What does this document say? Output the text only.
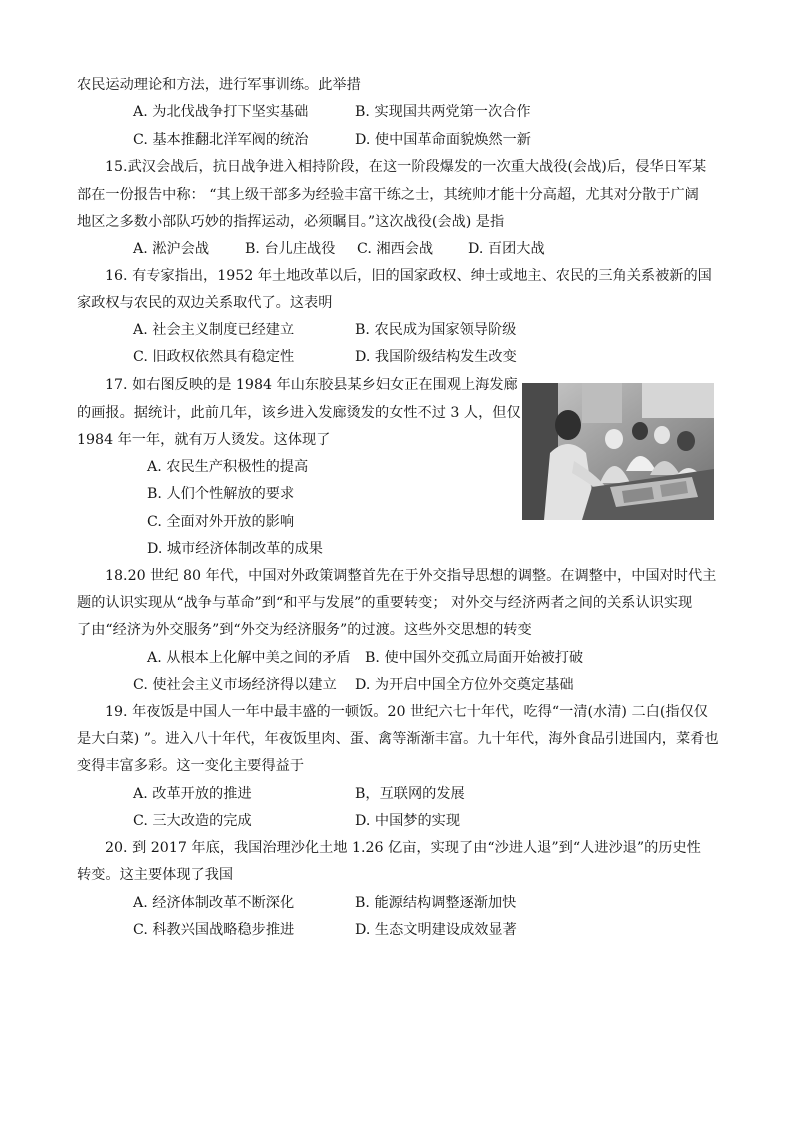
农民运动理论和方法，进行军事训练。此举措
A. 为北伐战争打下坚实基础	B. 实现国共两党第一次合作
C. 基本推翻北洋军阀的统治	D. 使中国革命面貌焕然一新
15.武汉会战后，抗日战争进入相持阶段，在这一阶段爆发的一次重大战役(会战)后，侵华日军某
部在一份报告中称： “其上级干部多为经验丰富干练之士，其统帅才能十分高超，尤其对分散于广阔
地区之多数小部队巧妙的指挥运动，必须瞩目。”这次战役(会战) 是指
A. 淞沪会战	B. 台儿庄战役 C. 湘西会战 D. 百团大战
16. 有专家指出，1952 年土地改革以后，旧的国家政权、绅士或地主、农民的三角关系被新的国
家政权与农民的双边关系取代了。这表明
A. 社会主义制度已经建立	B. 农民成为国家领导阶级
C. 旧政权依然具有稳定性	D. 我国阶级结构发生改变
17. 如右图反映的是 1984 年山东胶县某乡妇女正在围观上海发廊
的画报。据统计，此前几年，该乡进入发廊烫发的女性不过 3 人，但仅
1984 年一年，就有万人烫发。这体现了
A. 农民生产积极性的提高
B. 人们个性解放的要求
C. 全面对外开放的影响
D. 城市经济体制改革的成果
18.20 世纪 80 年代，中国对外政策调整首先在于外交指导思想的调整。在调整中，中国对时代主
题的认识实现从“战争与革命”到“和平与发展”的重要转变； 对外交与经济两者之间的关系认识实现
了由“经济为外交服务”到“外交为经济服务”的过渡。这些外交思想的转变
A. 从根本上化解中美之间的矛盾 B. 使中国外交孤立局面开始被打破
C. 使社会主义市场经济得以建立 D. 为开启中国全方位外交奠定基础
19. 年夜饭是中国人一年中最丰盛的一顿饭。20 世纪六七十年代，吃得“一清(水清) 二白(指仅仅
是大白菜) ”。进入八十年代，年夜饭里肉、蛋、禽等渐渐丰富。九十年代，海外食品引进国内，菜肴也
变得丰富多彩。这一变化主要得益于
A. 改革开放的推进	B，互联网的发展
C. 三大改造的完成	D. 中国梦的实现
20. 到 2017 年底，我国治理沙化土地 1.26 亿亩，实现了由“沙进人退”到“人进沙退”的历史性
转变。这主要体现了我国
A. 经济体制改革不断深化	B. 能源结构调整逐渐加快
C. 科教兴国战略稳步推进	D. 生态文明建设成效显著
